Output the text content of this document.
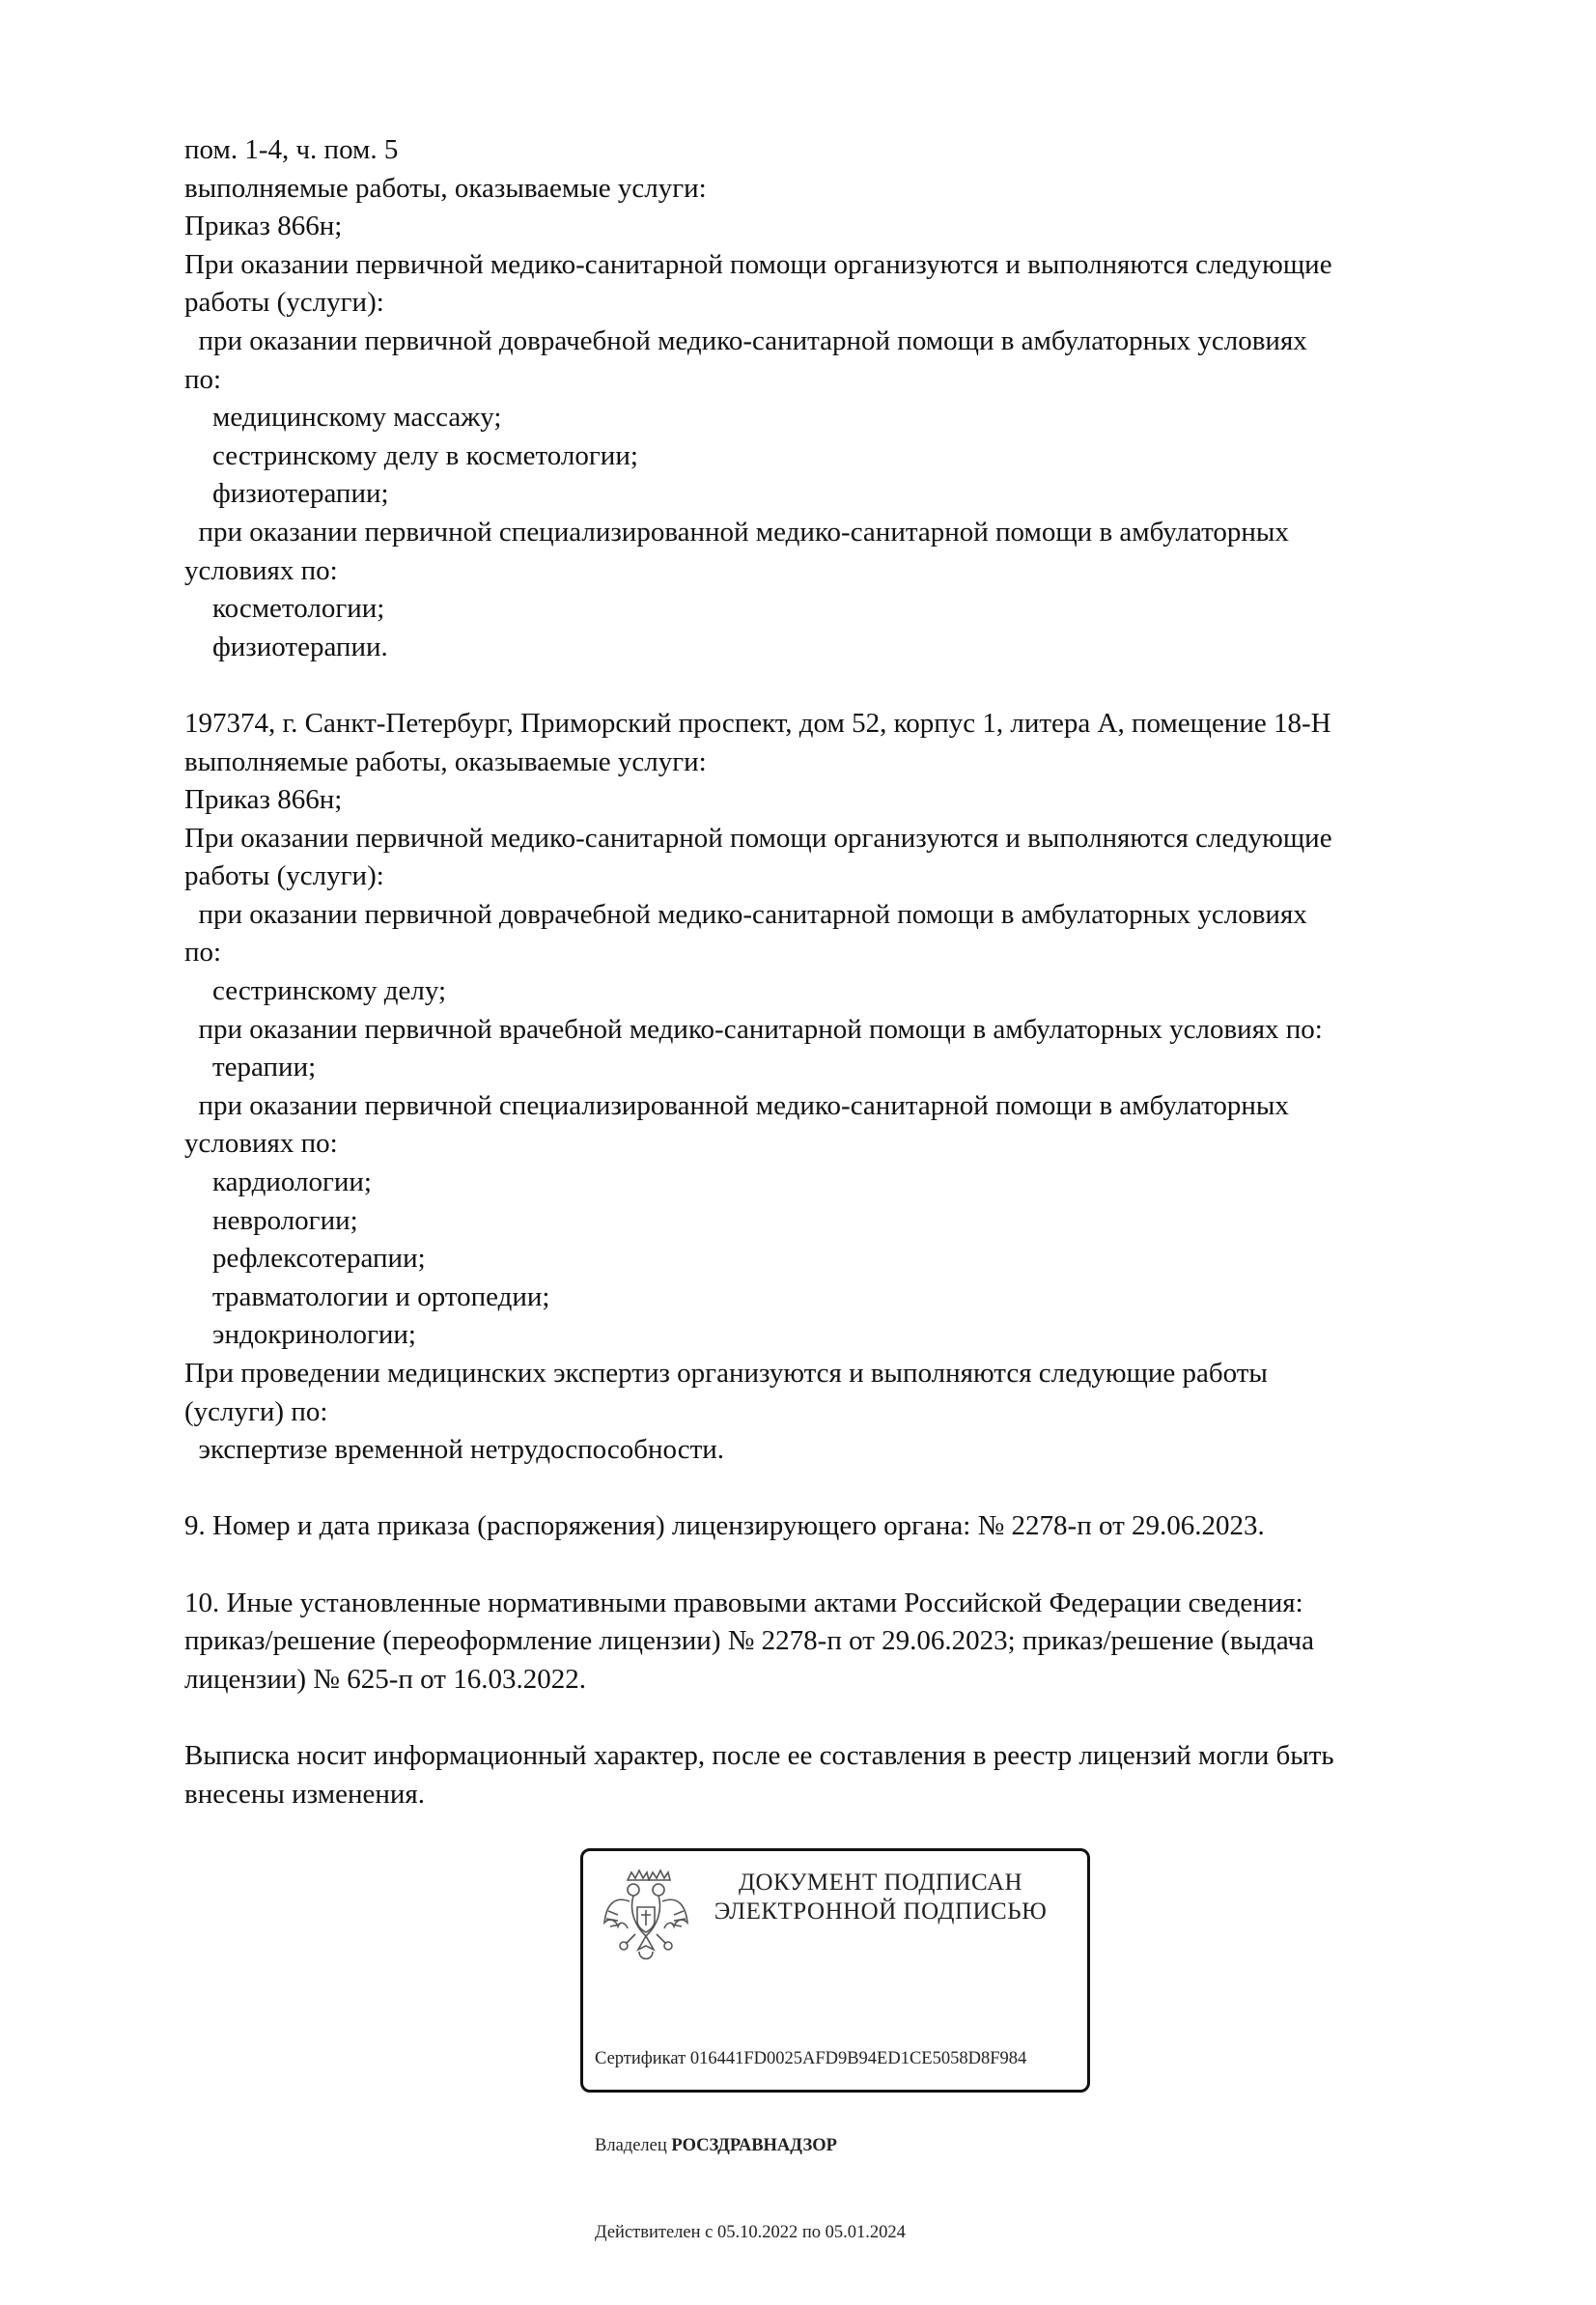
пом. 1-4, ч. пом. 5
выполняемые работы, оказываемые услуги:
Приказ 866н;
При оказании первичной медико-санитарной помощи организуются и выполняются следующие
работы (услуги):
при оказании первичной доврачебной медико-санитарной помощи в амбулаторных условиях
по:
медицинскому массажу;
сестринскому делу в косметологии;
физиотерапии;
при оказании первичной специализированной медико-санитарной помощи в амбулаторных
условиях по:
косметологии;
физиотерапии.
197374, г. Санкт-Петербург, Приморский проспект, дом 52, корпус 1, литера А, помещение 18-Н
выполняемые работы, оказываемые услуги:
Приказ 866н;
При оказании первичной медико-санитарной помощи организуются и выполняются следующие
работы (услуги):
при оказании первичной доврачебной медико-санитарной помощи в амбулаторных условиях
по:
сестринскому делу;
при оказании первичной врачебной медико-санитарной помощи в амбулаторных условиях по:
терапии;
при оказании первичной специализированной медико-санитарной помощи в амбулаторных
условиях по:
кардиологии;
неврологии;
рефлексотерапии;
травматологии и ортопедии;
эндокринологии;
При проведении медицинских экспертиз организуются и выполняются следующие работы
(услуги) по:
экспертизе временной нетрудоспособности.
9. Номер и дата приказа (распоряжения) лицензирующего органа: № 2278-п от 29.06.2023.
10. Иные установленные нормативными правовыми актами Российской Федерации сведения:
приказ/решение (переоформление лицензии) № 2278-п от 29.06.2023; приказ/решение (выдача
лицензии) № 625-п от 16.03.2022.
Выписка носит информационный характер, после ее составления в реестр лицензий могли быть
внесены изменения.
ДОКУМЕНТ ПОДПИСАН
ЭЛЕКТРОННОЙ ПОДПИСЬЮ

Сертификат 016441FD0025AFD9B94ED1CE5058D8F984

Владелец РОСЗДРАВНАДЗОР

Действителен с 05.10.2022 по 05.01.2024
